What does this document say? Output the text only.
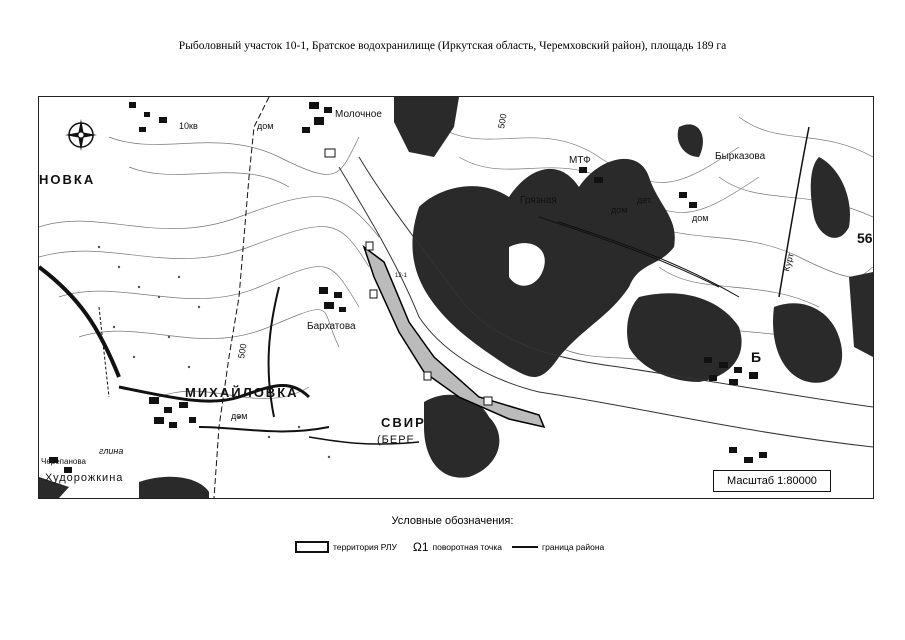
Рыболовный участок 10-1, Братское водохранилище (Иркутская область, Черемховский район), площадь 189 га
Молочное
10кв	дом
НОВКА
Грязная
МТФ
дом
дет.
дом
Бырказова
56
Бархатова
500
500
МИХАЙЛОВКА
дом	СВИР
(БЕРЕ
глина
Черепанова
Худорожкина
12-1
Б
Курт
Масштаб 1:80000
Условные обозначения:
территория РЛУ Ω1 поворотная точка	граница района
